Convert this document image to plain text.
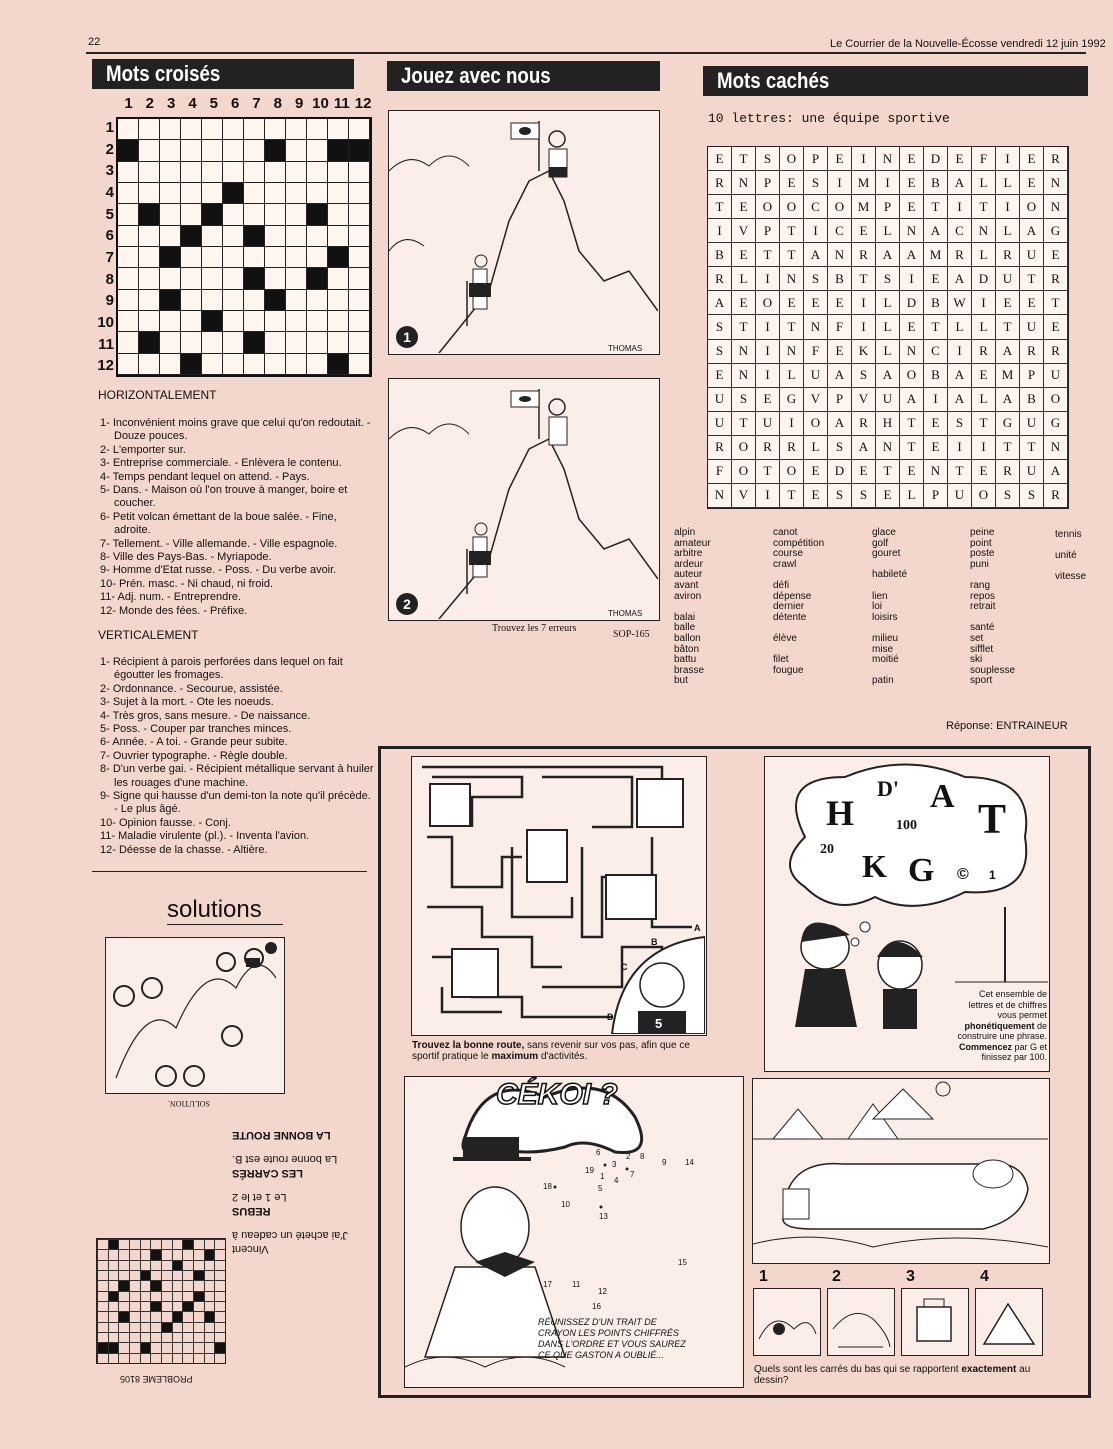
22	Le Courrier de la Nouvelle-Écosse vendredi 12 juin 1992
Mots croisés
1 2 3 4 5 6 7 8 9 10 11 12
1
2
3
4
5
6
7
8
9
10
11
12
HORIZONTALEMENT
1- Inconvénient moins grave que celui qu'on redoutait. - Douze pouces.
2- L'emporter sur.
3- Entreprise commerciale. - Enlèvera le contenu.
4- Temps pendant lequel on attend. - Pays.
5- Dans. - Maison où l'on trouve à manger, boire et coucher.
6- Petit volcan émettant de la boue salée. - Fine, adroite.
7- Tellement. - Ville allemande. - Ville espagnole.
8- Ville des Pays-Bas. - Myriapode.
9- Homme d'Etat russe. - Poss. - Du verbe avoir.
10- Prén. masc. - Ni chaud, ni froid.
11- Adj. num. - Entreprendre.
12- Monde des fées. - Préfixe.
VERTICALEMENT
1- Récipient à parois perforées dans lequel on fait égoutter les fromages.
2- Ordonnance. - Secourue, assistée.
3- Sujet à la mort. - Ote les noeuds.
4- Très gros, sans mesure. - De naissance.
5- Poss. - Couper par tranches minces.
6- Année. - A toi. - Grande peur subite.
7- Ouvrier typographe. - Règle double.
8- D'un verbe gai. - Récipient métallique servant à huiler les rouages d'une machine.
9- Signe qui hausse d'un demi-ton la note qu'il précède. - Le plus âgé.
10- Opinion fausse. - Conj.
11- Maladie virulente (pl.). - Inventa l'avion.
12- Déesse de la chasse. - Altière.
solutions
SOLUTION.
Vincent
J'ai acheté un cadeau à
REBUS
Le 1 et le 2
LES CARRÉS
La bonne route est B.
LA BONNE ROUTE
PROBLEME 8105
Jouez avec nous
1
THOMAS
2
THOMAS
Trouvez les 7 erreurs
SOP-165
Mots cachés
10 lettres: une équipe sportive
E	T	S	O	P	E	I	N	E	D	E	F	I	E	R
R	N	P	E	S	I	M	I	E	B	A	L	L	E	N
T	E	O	O	C	O	M	P	E	T	I	T	I	O	N
I	V	P	T	I	C	E	L	N	A	C	N	L	A	G
B	E	T	T	A	N	R	A	A	M	R	L	R	U	E
R	L	I	N	S	B	T	S	I	E	A	D	U	T	R
A	E	O	E	E	E	I	L	D	B	W	I	E	E	T
S	T	I	T	N	F	I	L	E	T	L	L	T	U	E
S	N	I	N	F	E	K	L	N	C	I	R	A	R	R
E	N	I	L	U	A	S	A	O	B	A	E	M	P	U
U	S	E	G	V	P	V	U	A	I	A	L	A	B	O
U	T	U	I	O	A	R	H	T	E	S	T	G	U	G
R	O	R	R	L	S	A	N	T	E	I	I	T	T	N
F	O	T	O	E	D	E	T	E	N	T	E	R	U	A
N	V	I	T	E	S	S	E	L	P	U	O	S	S	R
alpin
amateur
arbitre
ardeur
auteur
avant
aviron
balai
balle
ballon
bâton
battu
brasse
but
canot
compétition
course
crawl
défi
dépense
dernier
détente
élève
filet
fougue
glace
golf
gouret
habileté
lien
loi
loisirs
milieu
mise
moitié
patin
peine
point
poste
puni
rang
repos
retrait
santé
set
sifflet
ski
souplesse
sport
tennis
unité
vitesse
Réponse: ENTRAINEUR
A
B
C
D	5
Trouvez la bonne route, sans revenir sur vos pas, afin que ce sportif pratique le maximum d'activités.
H
D' A
T
100
20 K G © 1
Cet ensemble de lettres et de chiffres vous permet phonétiquement de construire une phrase. Commencez par G et finissez par 100.
CÉKOI ?
6
3
2 8
9 14
19
1 4
5
7
18
10
13
15
17	11
12
16
RÉUNISSEZ D'UN TRAIT DE CRAYON LES POINTS CHIFFRÉS DANS L'ORDRE ET VOUS SAUREZ CE QUE GASTON A OUBLIÉ...
1	2	3	4
Quels sont les carrés du bas qui se rapportent exactement au dessin?
